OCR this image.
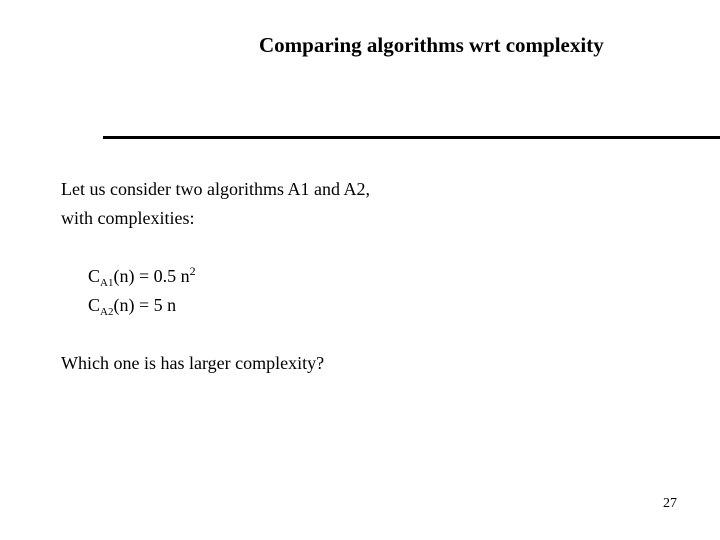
Comparing algorithms wrt complexity
Let us consider two algorithms A1 and A2,
with complexities:
$C_{A1}(n) = 0.5$ $n^2$
$C_{A2}(n) = 5$ n
Which one is has larger complexity?
27
